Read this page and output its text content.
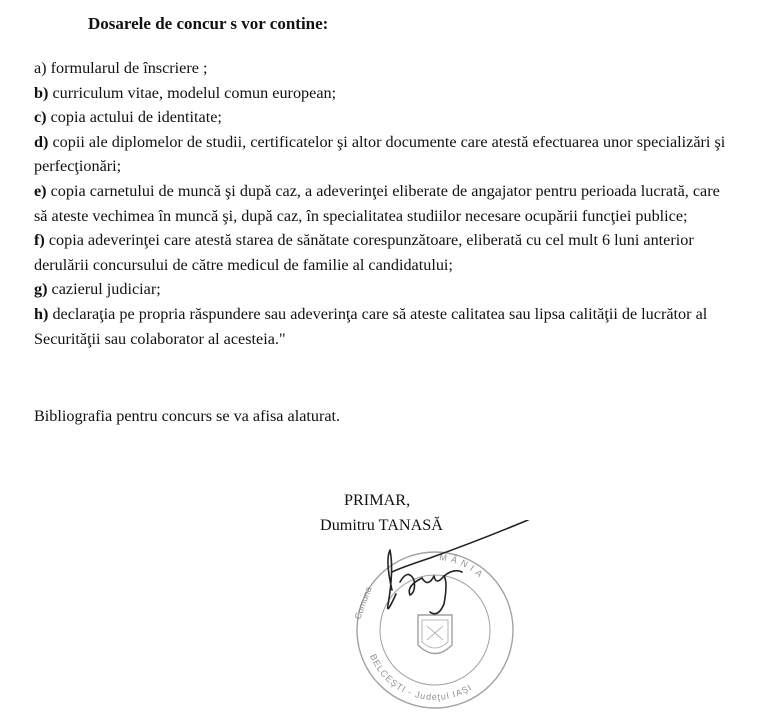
Dosarele de concur s vor contine:

a) formularul de înscriere ;

b) curriculum vitae, modelul comun european;

c) copia actului de identitate;

d) copii ale diplomelor de studii, certificatelor şi altor documente care atestă efectuarea unor specializări şi perfecţionări;

e) copia carnetului de muncă şi după caz, a adeverinţei eliberate de angajator pentru perioada lucrată, care să ateste vechimea în muncă şi, după caz, în specialitatea studiilor necesare ocupării funcţiei publice;

f) copia adeverinţei care atestă starea de sănătate corespunzătoare, eliberată cu cel mult 6 luni anterior derulării concursului de către medicul de familie al candidatului;

g) cazierul judiciar;

h) declaraţia pe propria răspundere sau adeverinţa care să ateste calitatea sau lipsa calităţii de lucrător al Securităţii sau colaborator al acesteia."

Bibliografia pentru concurs se va afisa alaturat.
PRIMAR,
Dumitru TANASĂ
MÂNIA
Comuna
BELCEŞTI - Judeţul IAŞI
